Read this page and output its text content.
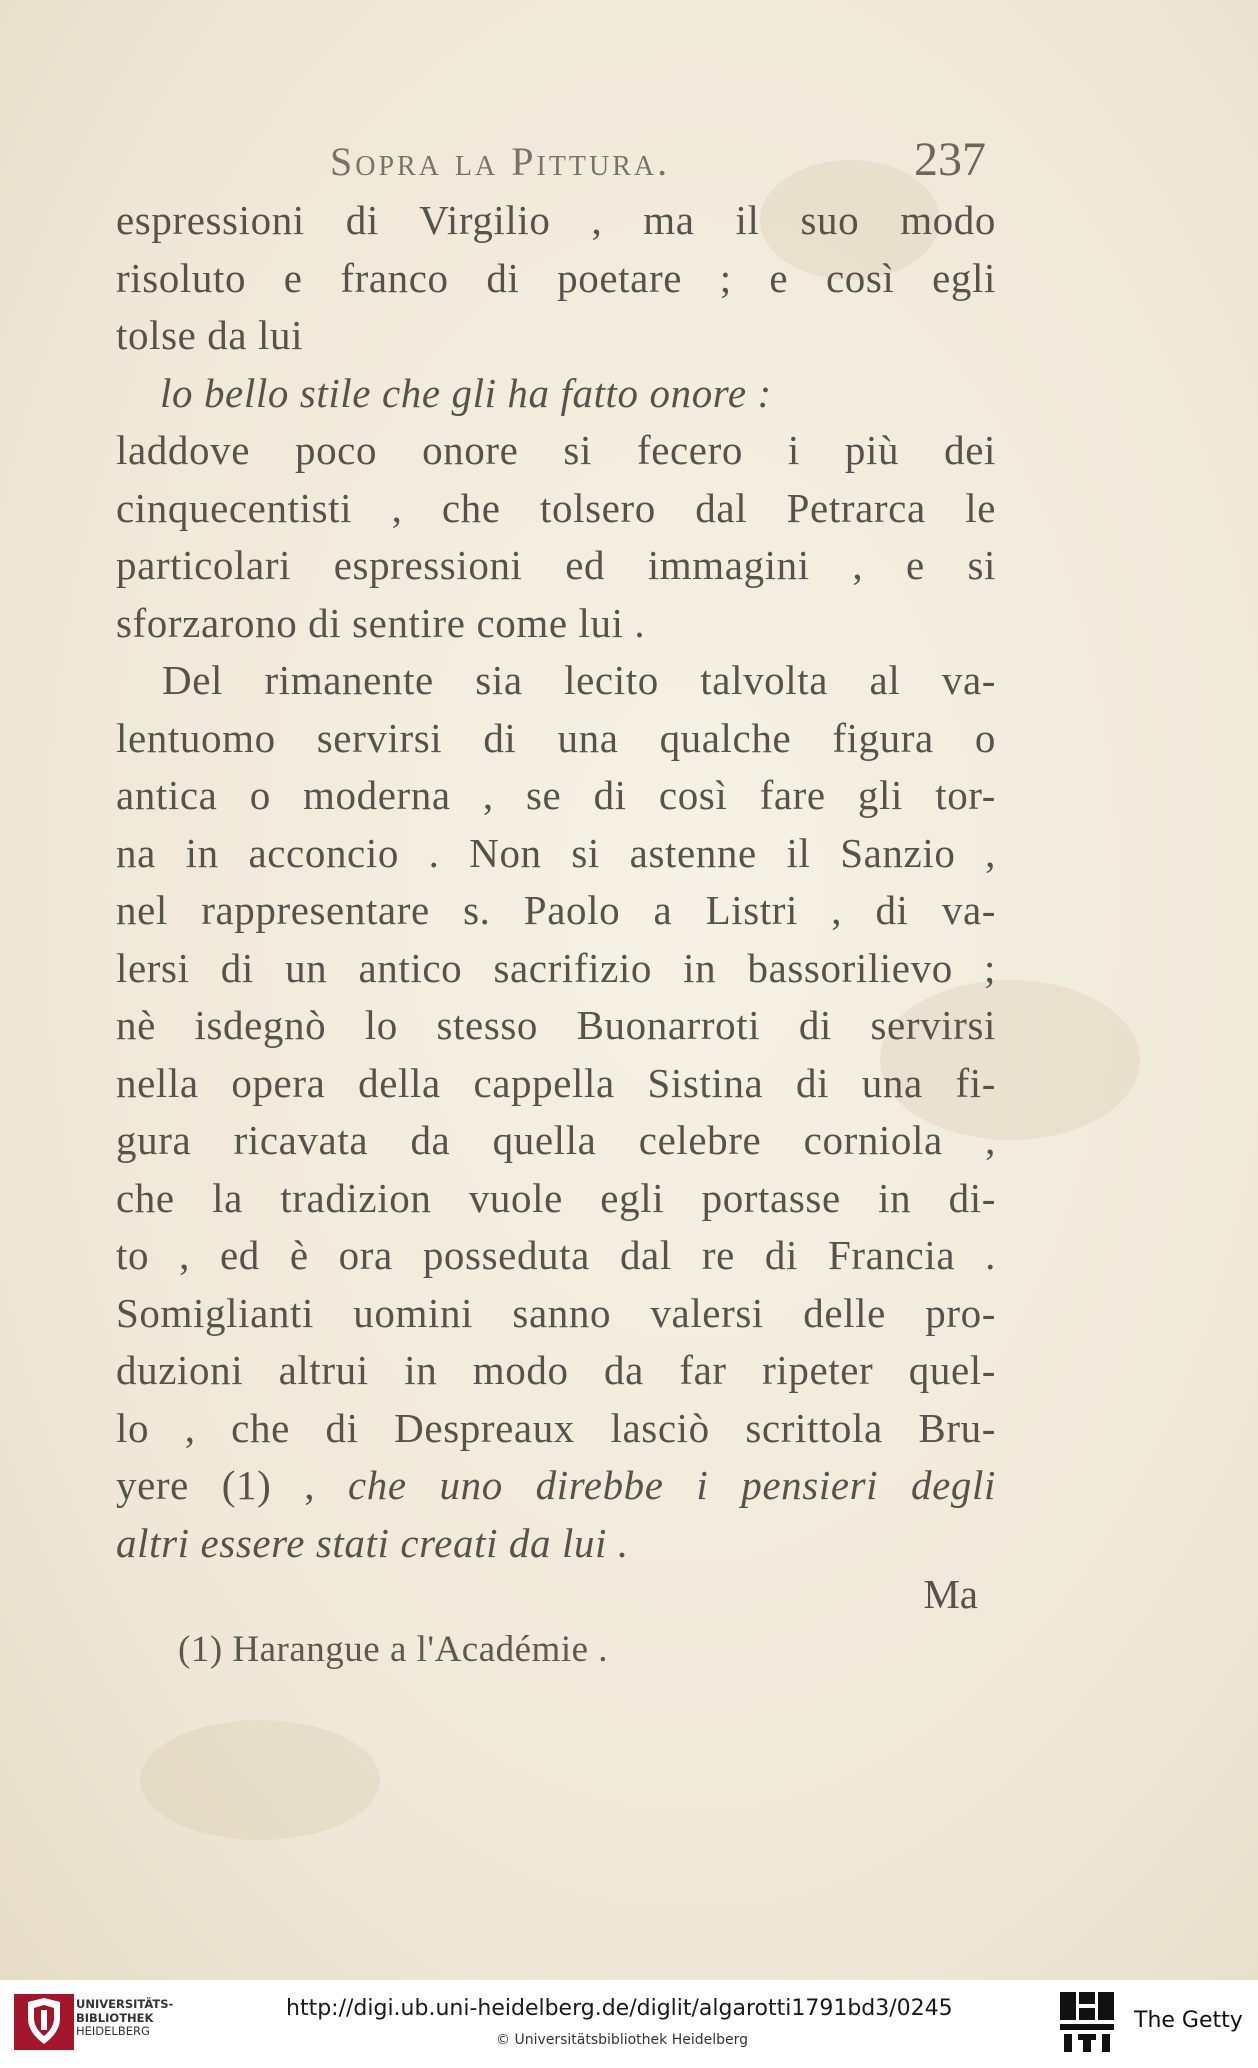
Sopra la Pittura.	237
espressioni di Virgilio , ma il suo modo
risoluto e franco di poetare ; e così egli
tolse da lui
lo bello stile che gli ha fatto onore :
laddove poco onore si fecero i più dei
cinquecentisti , che tolsero dal Petrarca le
particolari espressioni ed immagini , e si
sforzarono di sentire come lui .
Del rimanente sia lecito talvolta al va-
lentuomo servirsi di una qualche figura o
antica o moderna , se di così fare gli tor-
na in acconcio . Non si astenne il Sanzio ,
nel rappresentare s. Paolo a Listri , di va-
lersi di un antico sacrifizio in bassorilievo ;
nè isdegnò lo stesso Buonarroti di servirsi
nella opera della cappella Sistina di una fi-
gura ricavata da quella celebre corniola ,
che la tradizion vuole egli portasse in di-
to , ed è ora posseduta dal re di Francia .
Somiglianti uomini sanno valersi delle pro-
duzioni altrui in modo da far ripeter quel-
lo , che di Despreaux lasciò scrittola Bru-
yere (1) , che uno direbbe i pensieri degli
altri essere stati creati da lui .
Ma
(1) Harangue a l'Académie .
UNIVERSITÄTS-
BIBLIOTHEK
HEIDELBERG
http://digi.ub.uni-heidelberg.de/diglit/algarotti1791bd3/0245
© Universitätsbibliothek Heidelberg
The Getty
